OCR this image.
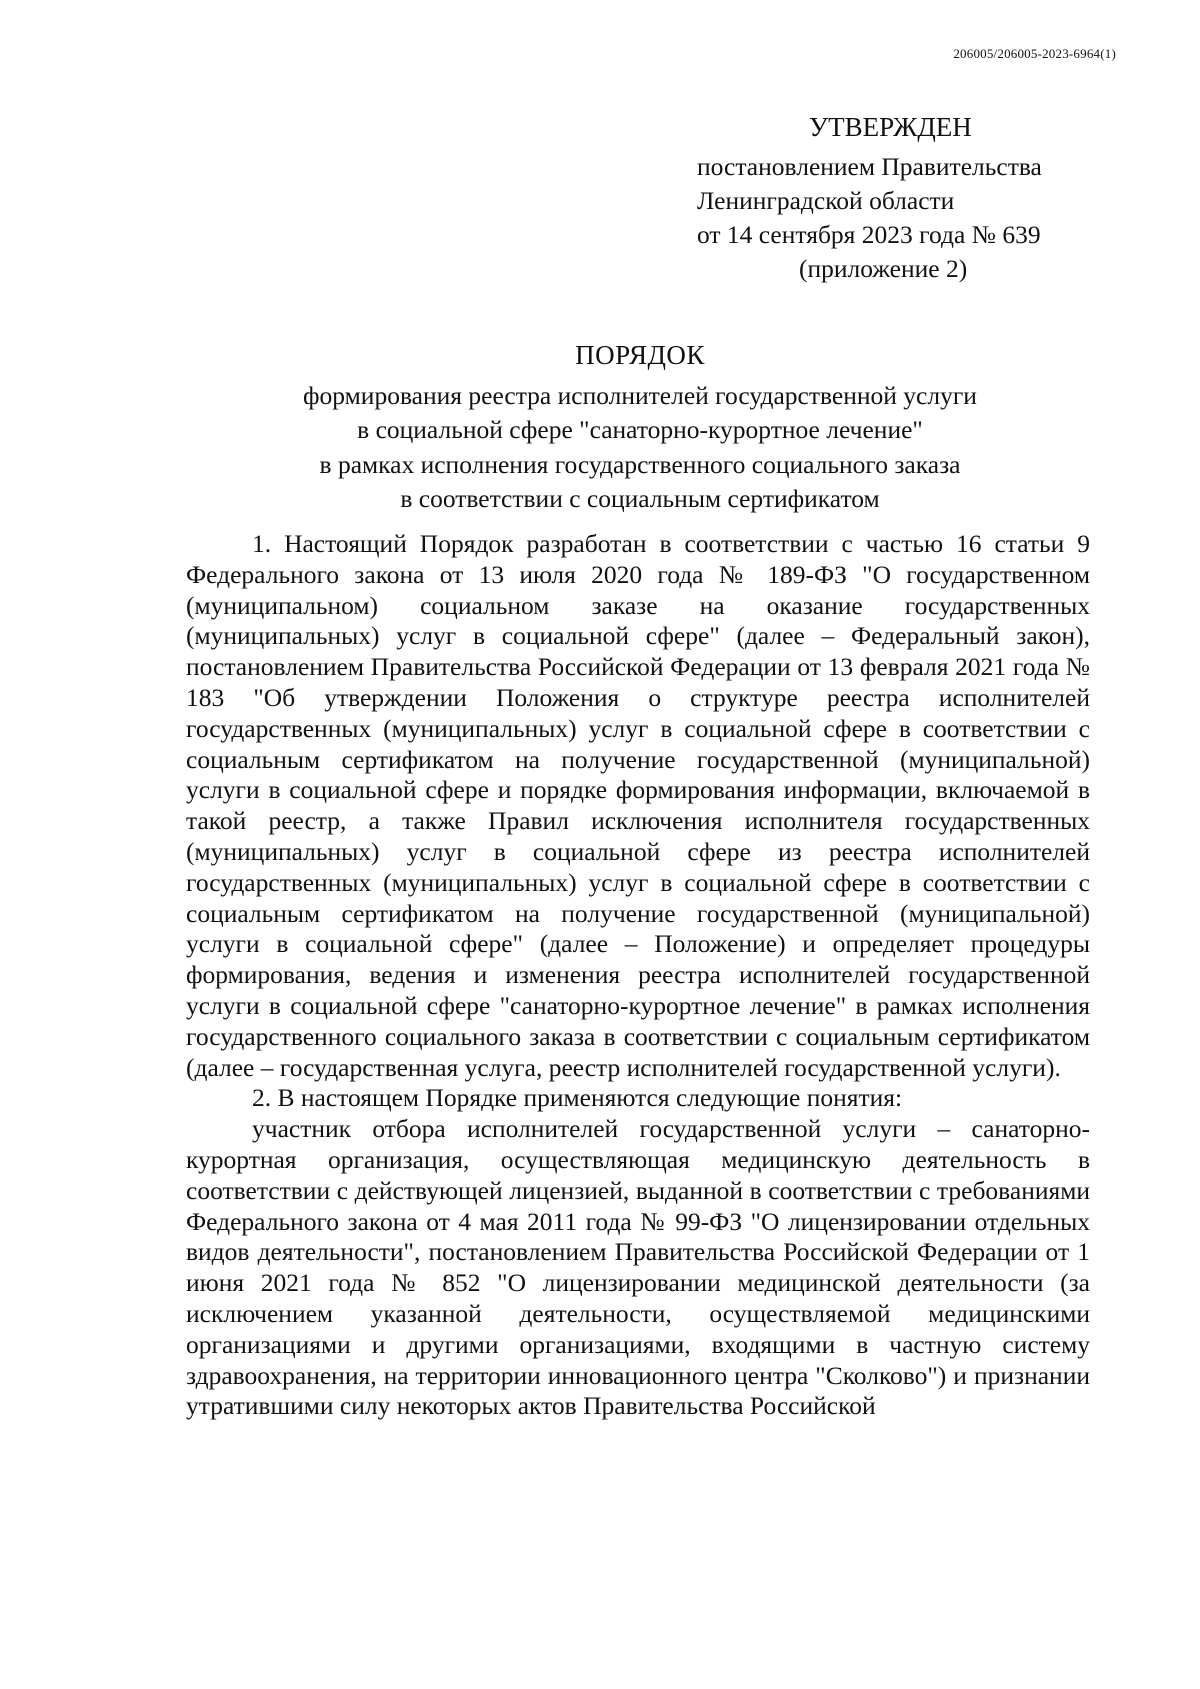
206005/206005-2023-6964(1)
УТВЕРЖДЕН
постановлением Правительства
Ленинградской области
от 14 сентября 2023 года № 639
(приложение 2)
ПОРЯДОК
формирования реестра исполнителей государственной услуги
в социальной сфере "санаторно-курортное лечение"
в рамках исполнения государственного социального заказа
в соответствии с социальным сертификатом

1. Настоящий Порядок разработан в соответствии с частью 16 статьи 9 Федерального закона от 13 июля 2020 года № 189-ФЗ "О государственном (муниципальном) социальном заказе на оказание государственных (муниципальных) услуг в социальной сфере" (далее – Федеральный закон), постановлением Правительства Российской Федерации от 13 февраля 2021 года № 183 "Об утверждении Положения о структуре реестра исполнителей государственных (муниципальных) услуг в социальной сфере в соответствии с социальным сертификатом на получение государственной (муниципальной) услуги в социальной сфере и порядке формирования информации, включаемой в такой реестр, а также Правил исключения исполнителя государственных (муниципальных) услуг в социальной сфере из реестра исполнителей государственных (муниципальных) услуг в социальной сфере в соответствии с социальным сертификатом на получение государственной (муниципальной) услуги в социальной сфере" (далее – Положение) и определяет процедуры формирования, ведения и изменения реестра исполнителей государственной услуги в социальной сфере "санаторно-курортное лечение" в рамках исполнения государственного социального заказа в соответствии с социальным сертификатом (далее – государственная услуга, реестр исполнителей государственной услуги).

2. В настоящем Порядке применяются следующие понятия:

участник отбора исполнителей государственной услуги – санаторно-курортная организация, осуществляющая медицинскую деятельность в соответствии с действующей лицензией, выданной в соответствии с требованиями Федерального закона от 4 мая 2011 года № 99-ФЗ "О лицензировании отдельных видов деятельности", постановлением Правительства Российской Федерации от 1 июня 2021 года № 852 "О лицензировании медицинской деятельности (за исключением указанной деятельности, осуществляемой медицинскими организациями и другими организациями, входящими в частную систему здравоохранения, на территории инновационного центра "Сколково") и признании утратившими силу некоторых актов Правительства Российской
